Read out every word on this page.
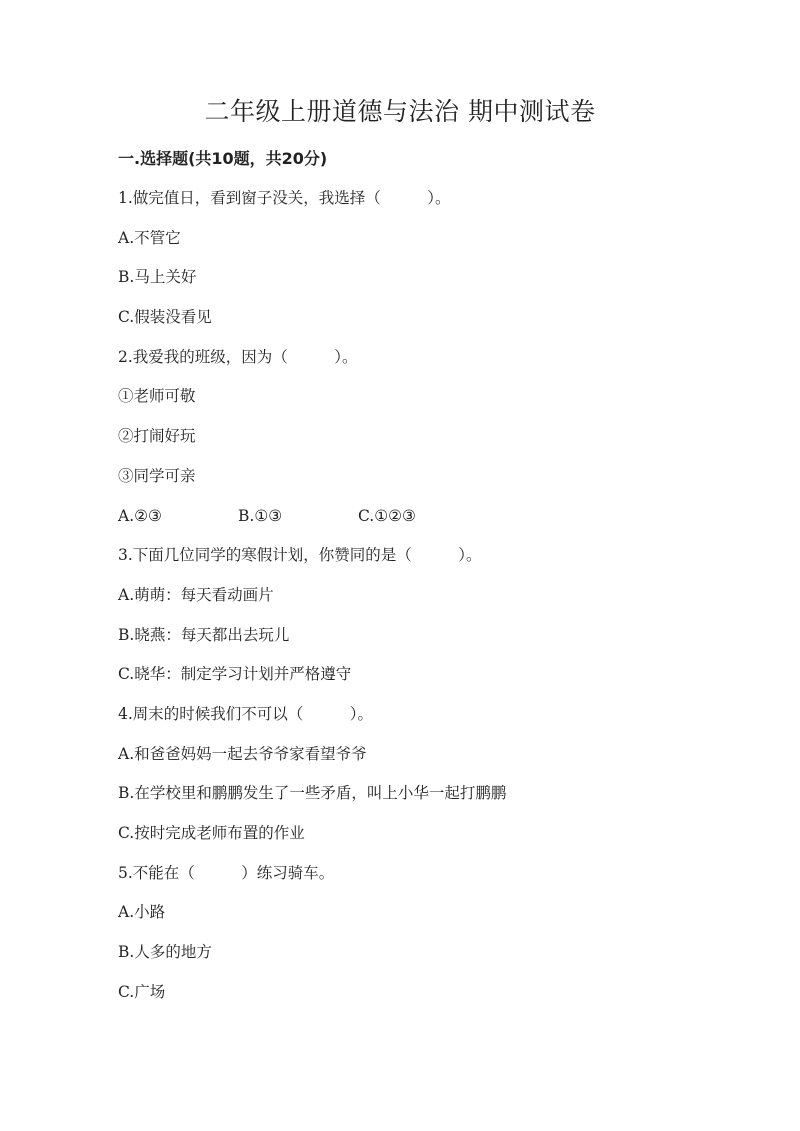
二年级上册道德与法治 期中测试卷
一.选择题(共10题，共20分)
1.做完值日，看到窗子没关，我选择（　　　）。
A.不管它
B.马上关好
C.假装没看见
2.我爱我的班级，因为（　　　）。
①老师可敬
②打闹好玩
③同学可亲
A.②③	B.①③	C.①②③
3.下面几位同学的寒假计划，你赞同的是（　　　）。
A.萌萌：每天看动画片
B.晓燕：每天都出去玩儿
C.晓华：制定学习计划并严格遵守
4.周末的时候我们不可以（　　　）。
A.和爸爸妈妈一起去爷爷家看望爷爷
B.在学校里和鹏鹏发生了一些矛盾，叫上小华一起打鹏鹏
C.按时完成老师布置的作业
5.不能在（　　　）练习骑车。
A.小路
B.人多的地方
C.广场
